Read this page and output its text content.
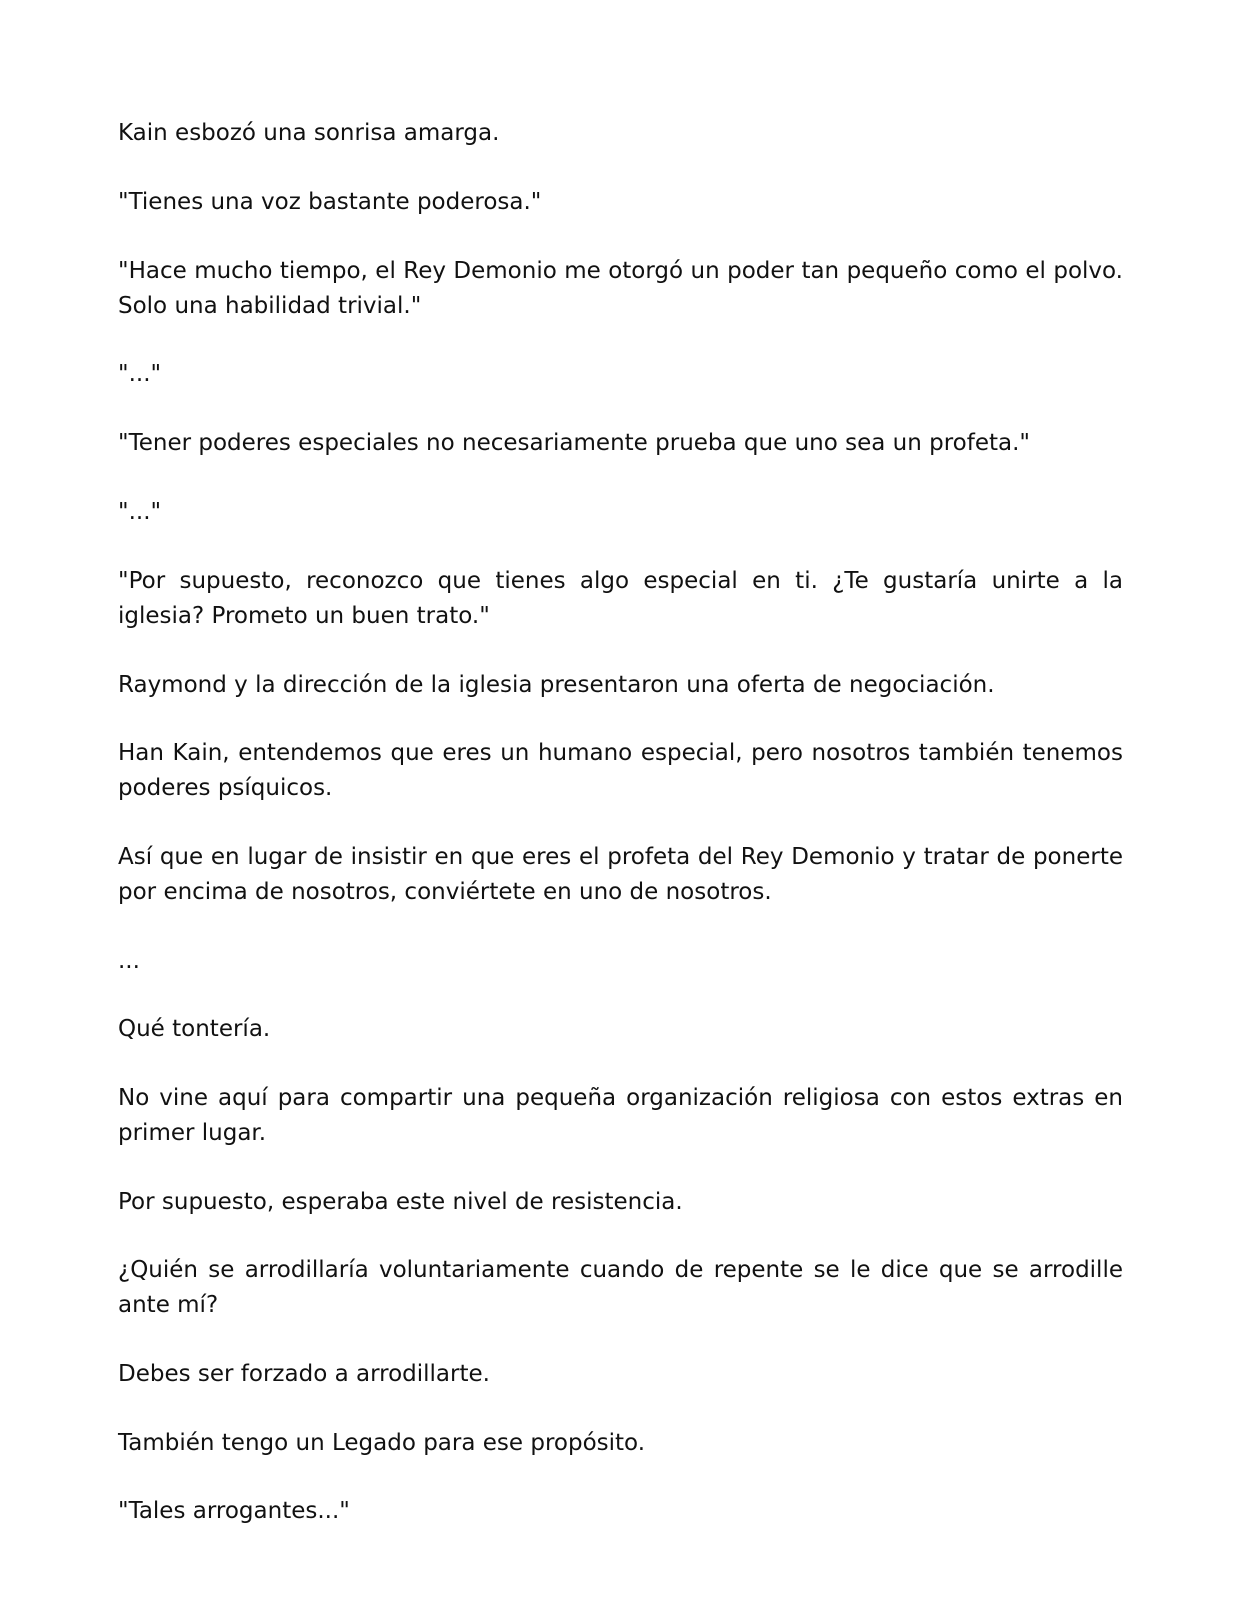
Kain esbozó una sonrisa amarga.

"Tienes una voz bastante poderosa."

"Hace mucho tiempo, el Rey Demonio me otorgó un poder tan pequeño como el polvo. Solo una habilidad trivial."

"..."

"Tener poderes especiales no necesariamente prueba que uno sea un profeta."

"..."

"Por supuesto, reconozco que tienes algo especial en ti. ¿Te gustaría unirte a la iglesia? Prometo un buen trato."

Raymond y la dirección de la iglesia presentaron una oferta de negociación.

Han Kain, entendemos que eres un humano especial, pero nosotros también tenemos poderes psíquicos.

Así que en lugar de insistir en que eres el profeta del Rey Demonio y tratar de ponerte por encima de nosotros, conviértete en uno de nosotros.

...

Qué tontería.

No vine aquí para compartir una pequeña organización religiosa con estos extras en primer lugar.

Por supuesto, esperaba este nivel de resistencia.

¿Quién se arrodillaría voluntariamente cuando de repente se le dice que se arrodille ante mí?

Debes ser forzado a arrodillarte.

También tengo un Legado para ese propósito.

"Tales arrogantes..."
